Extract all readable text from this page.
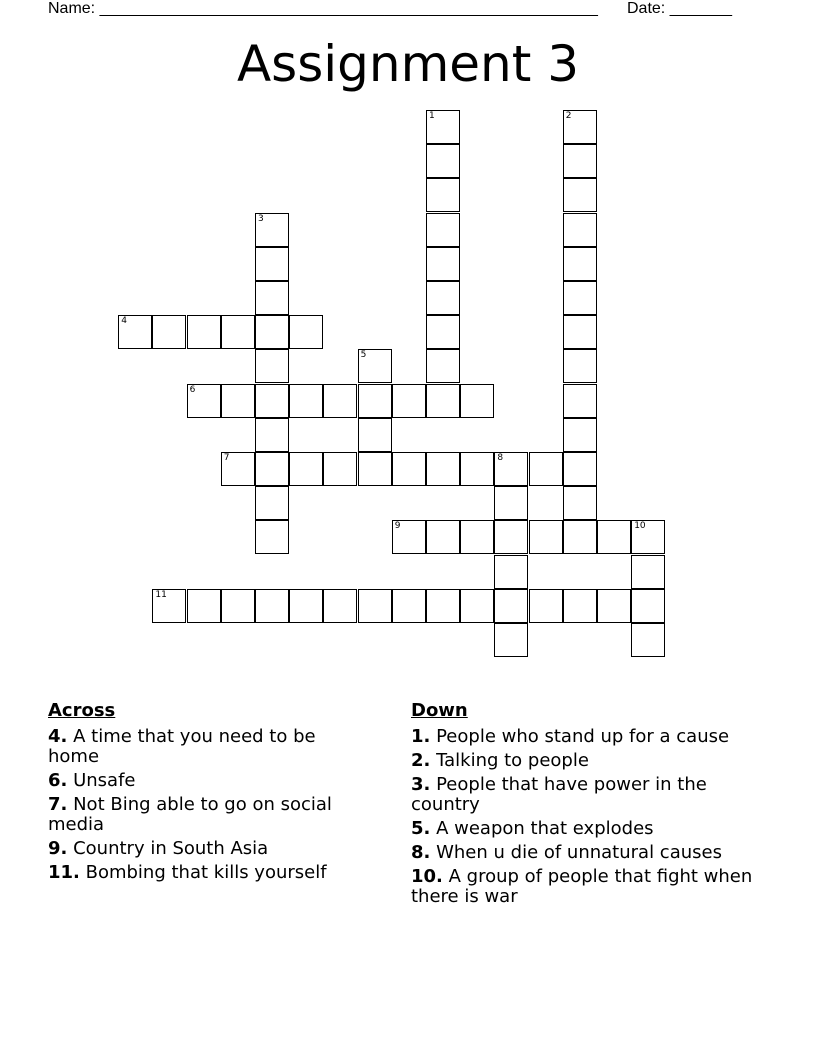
Name: ________________________________________________________ Date: _______
Assignment 3
1	2
3
4
5
6
7	8
9	10
11
Across
4. A time that you need to be home
6. Unsafe
7. Not Bing able to go on social media
9. Country in South Asia
11. Bombing that kills yourself
Down
1. People who stand up for a cause
2. Talking to people
3. People that have power in the country
5. A weapon that explodes
8. When u die of unnatural causes
10. A group of people that fight when there is war
